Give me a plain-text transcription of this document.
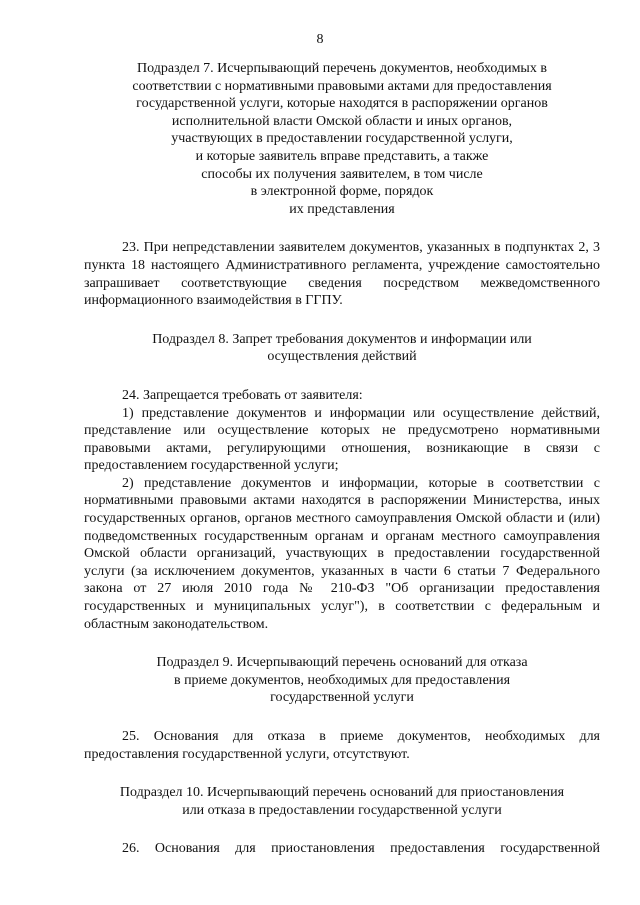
8
Подраздел 7. Исчерпывающий перечень документов, необходимых в
соответствии с нормативными правовыми актами для предоставления
государственной услуги, которые находятся в распоряжении органов
исполнительной власти Омской области и иных органов,
участвующих в предоставлении государственной услуги,
и которые заявитель вправе представить, а также
способы их получения заявителем, в том числе
в электронной форме, порядок
их представления

23. При непредставлении заявителем документов, указанных в подпунктах 2, 3 пункта 18 настоящего Административного регламента, учреждение самостоятельно запрашивает соответствующие сведения посредством межведомственного информационного взаимодействия в ГГПУ.

Подраздел 8. Запрет требования документов и информации или
осуществления действий

24. Запрещается требовать от заявителя:

1) представление документов и информации или осуществление действий, представление или осуществление которых не предусмотрено нормативными правовыми актами, регулирующими отношения, возникающие в связи с предоставлением государственной услуги;

2) представление документов и информации, которые в соответствии с нормативными правовыми актами находятся в распоряжении Министерства, иных государственных органов, органов местного самоуправления Омской области и (или) подведомственных государственным органам и органам местного самоуправления Омской области организаций, участвующих в предоставлении государственной услуги (за исключением документов, указанных в части 6 статьи 7 Федерального закона от 27 июля 2010 года № 210-ФЗ "Об организации предоставления государственных и муниципальных услуг"), в соответствии с федеральным и областным законодательством.

Подраздел 9. Исчерпывающий перечень оснований для отказа
в приеме документов, необходимых для предоставления
государственной услуги

25. Основания для отказа в приеме документов, необходимых для предоставления государственной услуги, отсутствуют.

Подраздел 10. Исчерпывающий перечень оснований для приостановления
или отказа в предоставлении государственной услуги

26. Основания для приостановления предоставления государственной
